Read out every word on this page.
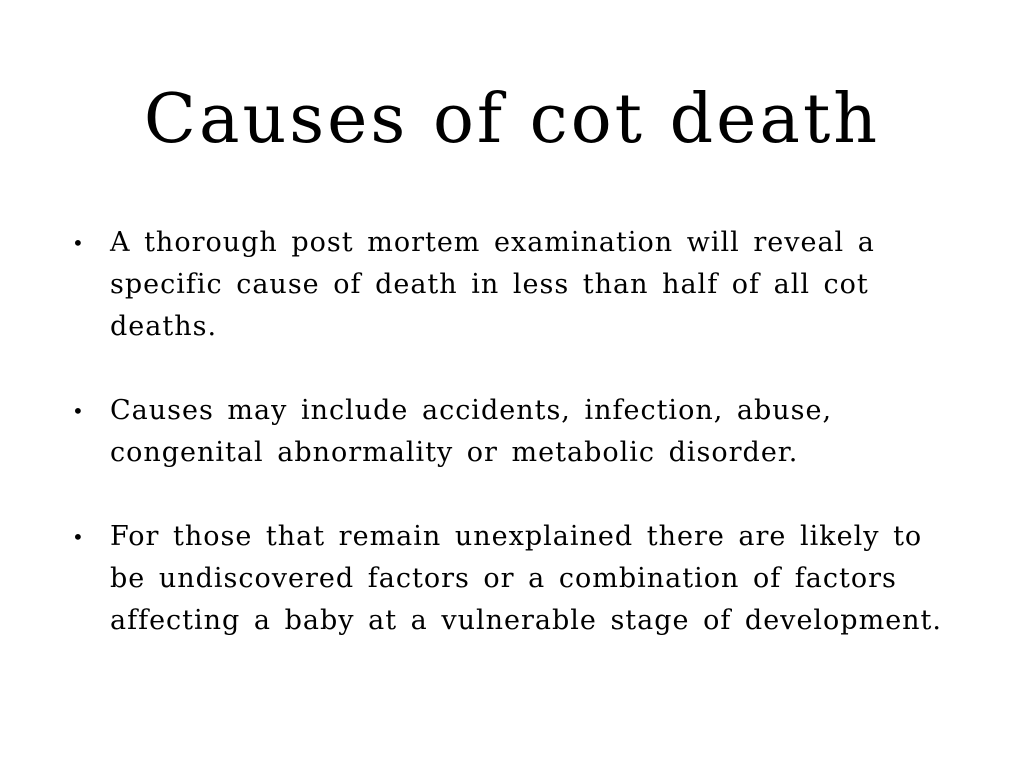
Causes of cot death
• A thorough post mortem examination will reveal a specific cause of death in less than half of all cot deaths.
• Causes may include accidents, infection, abuse, congenital abnormality or metabolic disorder.
• For those that remain unexplained there are likely to be undiscovered factors or a combination of factors affecting a baby at a vulnerable stage of development.
